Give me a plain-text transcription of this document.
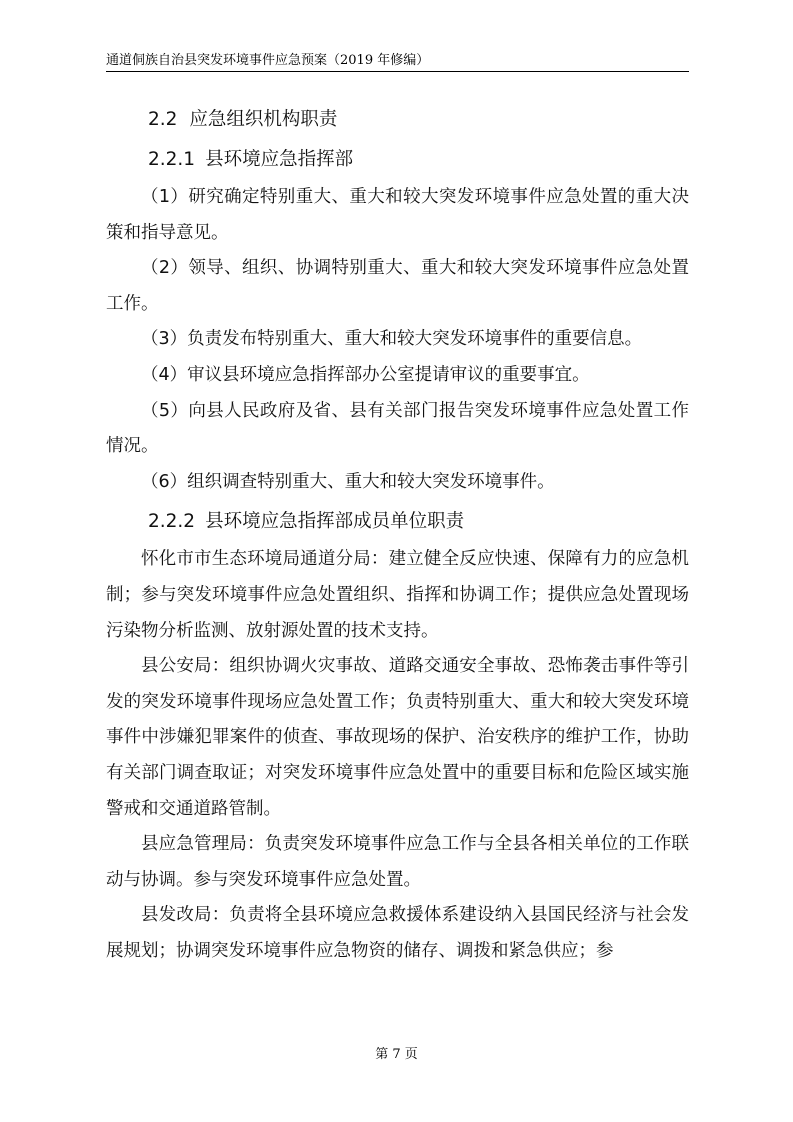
通道侗族自治县突发环境事件应急预案（2019 年修编）
2.2 应急组织机构职责
2.2.1 县环境应急指挥部

（1）研究确定特别重大、重大和较大突发环境事件应急处置的重大决策和指导意见。

（2）领导、组织、协调特别重大、重大和较大突发环境事件应急处置工作。

（3）负责发布特别重大、重大和较大突发环境事件的重要信息。

（4）审议县环境应急指挥部办公室提请审议的重要事宜。

（5）向县人民政府及省、县有关部门报告突发环境事件应急处置工作情况。

（6）组织调查特别重大、重大和较大突发环境事件。

2.2.2 县环境应急指挥部成员单位职责

怀化市市生态环境局通道分局：建立健全反应快速、保障有力的应急机制；参与突发环境事件应急处置组织、指挥和协调工作；提供应急处置现场污染物分析监测、放射源处置的技术支持。

县公安局：组织协调火灾事故、道路交通安全事故、恐怖袭击事件等引发的突发环境事件现场应急处置工作；负责特别重大、重大和较大突发环境事件中涉嫌犯罪案件的侦查、事故现场的保护、治安秩序的维护工作，协助有关部门调查取证；对突发环境事件应急处置中的重要目标和危险区域实施警戒和交通道路管制。

县应急管理局：负责突发环境事件应急工作与全县各相关单位的工作联动与协调。参与突发环境事件应急处置。

县发改局：负责将全县环境应急救援体系建设纳入县国民经济与社会发展规划；协调突发环境事件应急物资的储存、调拨和紧急供应；参

第 7 页
